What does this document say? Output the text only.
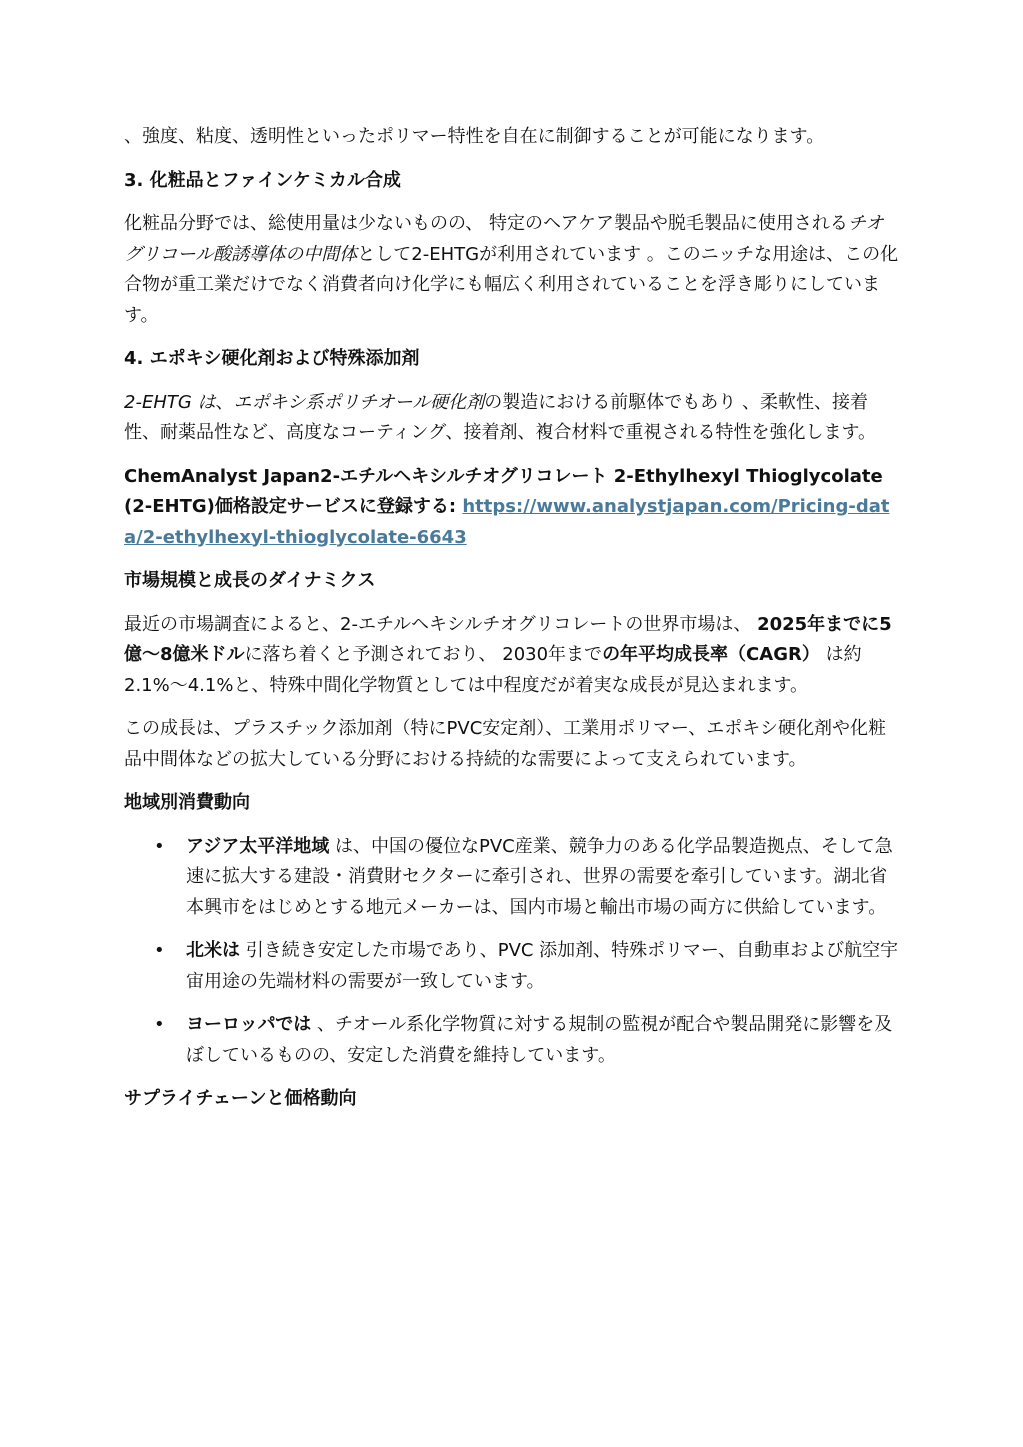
、強度、粘度、透明性といったポリマー特性を自在に制御することが可能になります。

3. 化粧品とファインケミカル合成

化粧品分野では、総使用量は少ないものの、 特定のヘアケア製品や脱毛製品に使用されるチオグリコール酸誘導体の中間体として2-EHTGが利用されています 。このニッチな用途は、この化合物が重工業だけでなく消費者向け化学にも幅広く利用されていることを浮き彫りにしています。

4. エポキシ硬化剤および特殊添加剤

2-EHTG は、エポキシ系ポリチオール硬化剤の製造における前駆体でもあり 、柔軟性、接着性、耐薬品性など、高度なコーティング、接着剤、複合材料で重視される特性を強化します。

ChemAnalyst Japan2-エチルヘキシルチオグリコレート 2-Ethylhexyl Thioglycolate (2-EHTG)価格設定サービスに登録する: https://www.analystjapan.com/Pricing-data/2-ethylhexyl-thioglycolate-6643

市場規模と成長のダイナミクス

最近の市場調査によると、2-エチルヘキシルチオグリコレートの世界市場は、 2025年までに5億～8億米ドルに落ち着くと予測されており、 2030年までの年平均成長率（CAGR） は約2.1%～4.1%と、特殊中間化学物質としては中程度だが着実な成長が見込まれます。

この成長は、プラスチック添加剤（特にPVC安定剤）、工業用ポリマー、エポキシ硬化剤や化粧品中間体などの拡大している分野における持続的な需要によって支えられています。

地域別消費動向
• アジア太平洋地域 は、中国の優位なPVC産業、競争力のある化学品製造拠点、そして急速に拡大する建設・消費財セクターに牽引され、世界の需要を牽引しています。湖北省本興市をはじめとする地元メーカーは、国内市場と輸出市場の両方に供給しています。
• 北米は 引き続き安定した市場であり、PVC 添加剤、特殊ポリマー、自動車および航空宇宙用途の先端材料の需要が一致しています。
• ヨーロッパでは 、チオール系化学物質に対する規制の監視が配合や製品開発に影響を及ぼしているものの、安定した消費を維持しています。
サプライチェーンと価格動向
